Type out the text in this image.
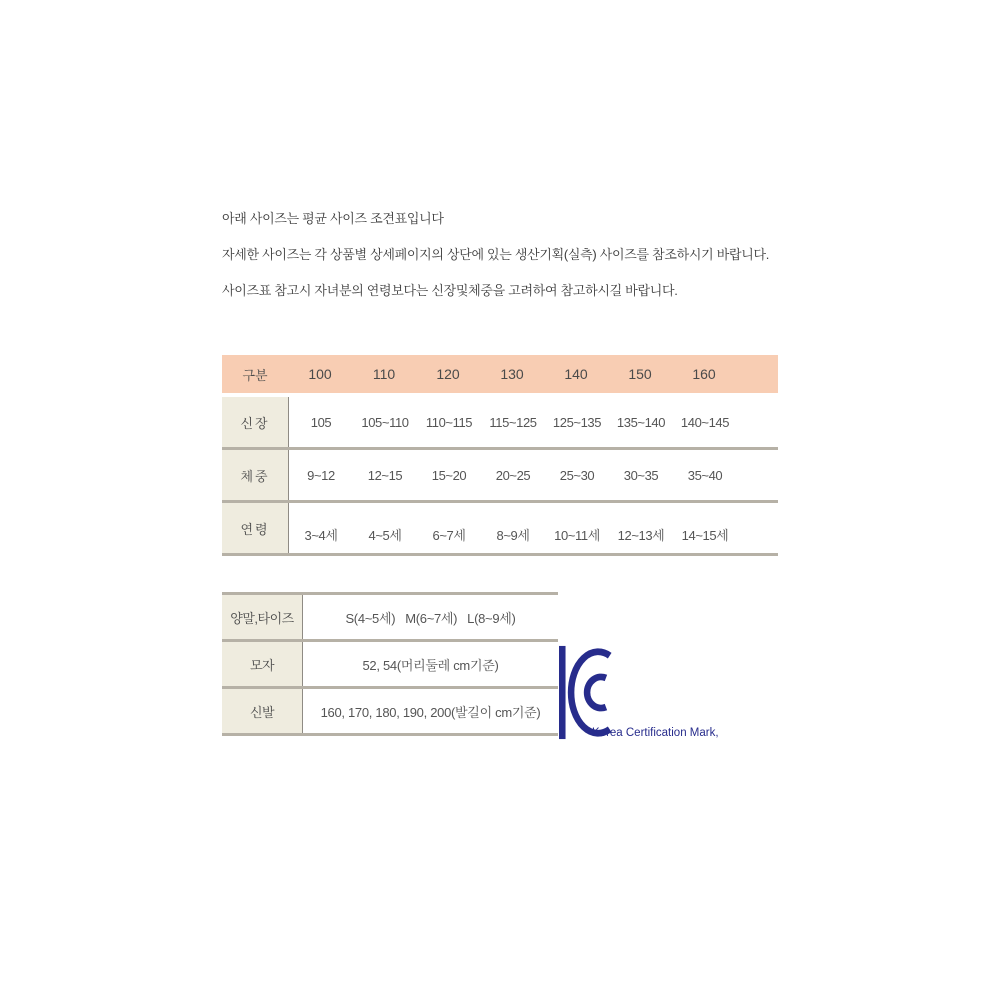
아래 사이즈는 평균 사이즈 조견표입니다

자세한 사이즈는 각 상품별 상세페이지의 상단에 있는 생산기획(실측) 사이즈를 참조하시기 바랍니다.

사이즈표 참고시 자녀분의 연령보다는 신장및체중을 고려하여 참고하시길 바랍니다.

구분	100	110	120	130	140	150	160
신장	105	105~110	110~115	115~125	125~135	135~140	140~145
체중	9~12	12~15	15~20	20~25	25~30	30~35	35~40
연령	3~4세	4~5세	6~7세	8~9세	10~11세	12~13세	14~15세
양말,타이즈	S(4~5세)   M(6~7세)   L(8~9세)
모자	52, 54(머리둘레 cm기준)
신발	160, 170, 180, 190, 200(발길이 cm기준)
Korea Certification Mark,
